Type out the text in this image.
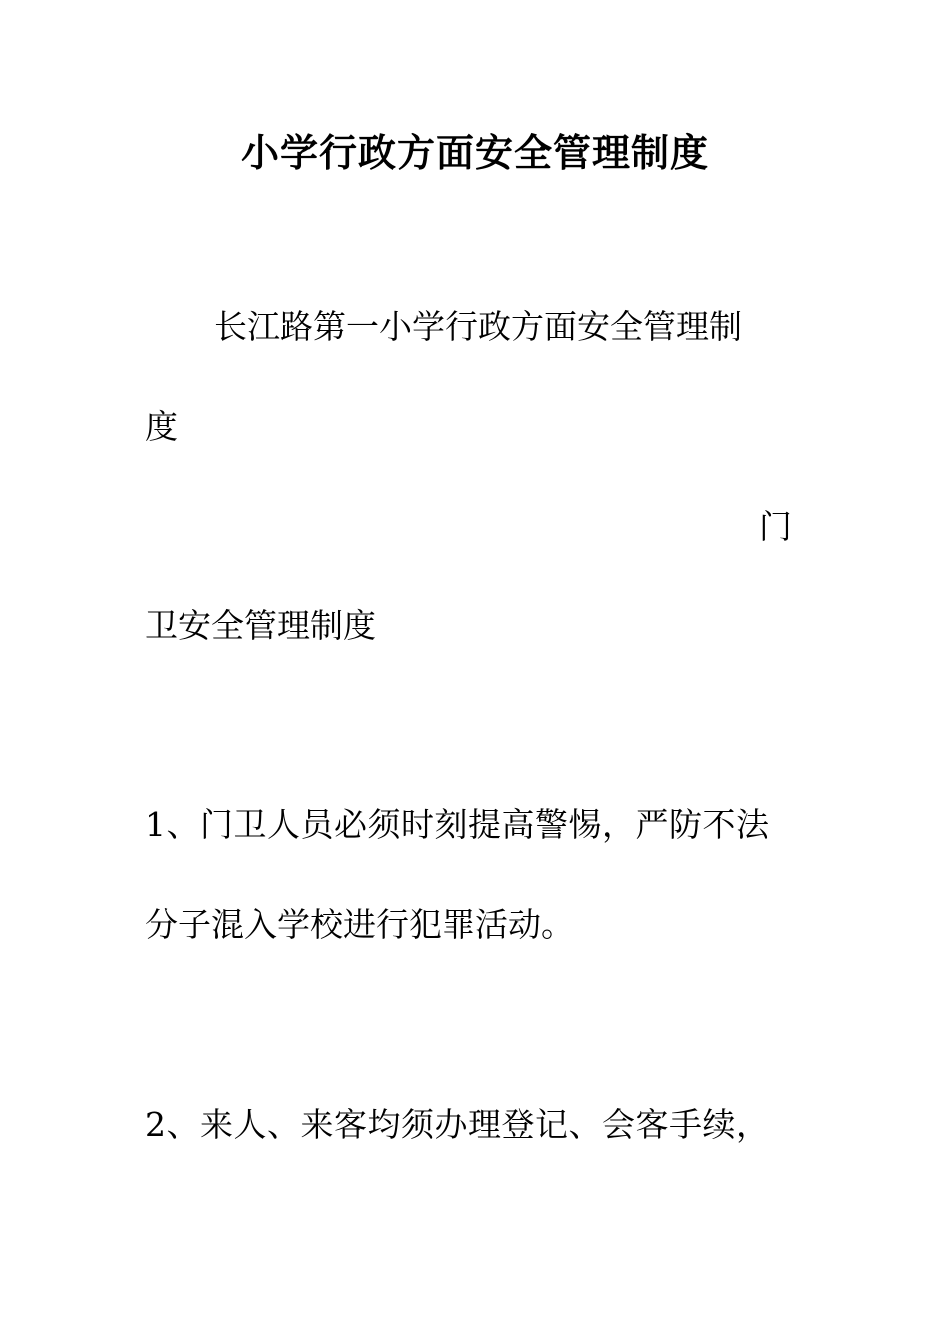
小学行政方面安全管理制度
长江路第一小学行政方面安全管理制
度
门
卫安全管理制度
1、门卫人员必须时刻提高警惕，严防不法
分子混入学校进行犯罪活动。
2、来人、来客均须办理登记、会客手续，
